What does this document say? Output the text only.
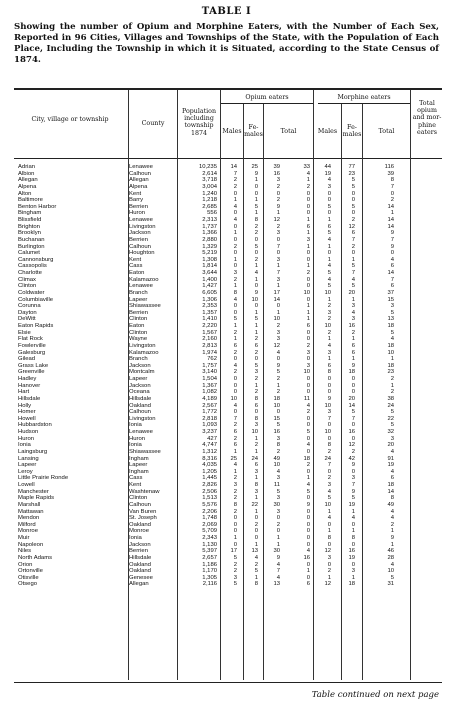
TABLE I
Showing the number of Opium and Morphine Eaters, with the Number of Each Sex, Reported in 96 Cities, Villages and Townships of the State, with the Population of Each Place, Including the Township in which it is Situated, according to the State Census of 1874.
City, village or township
County
Population including township 1874
Opium eaters	Morphine eaters
Males
Fe-males	Total	Males
Fe-males	Total
Total opium and mor-phine eaters
Adrian	Lenawee	10,235	14	25	39	33	44	77	116
Albion	Calhoun	2,614	7	9	16	4	19	23	39
Allegan	Allegan	3,718	2	1	3	1	4	5	8
Alpena	Alpena	3,004	2	0	2	2	3	5	7
Alton	Kent	1,240	0	0	0	0	0	0	0
Baltimore	Barry	1,218	1	1	2	0	0	0	2
Benton Harbor	Berrien	2,685	4	5	9	0	5	5	14
Bingham	Huron	556	0	1	1	0	0	0	1
Blissfield	Lenawee	2,313	4	8	12	1	1	2	14
Brighton	Livingston	1,737	0	2	2	6	6	12	14
Brooklyn	Jackson	1,366	1	2	3	1	5	6	9
Buchanan	Berrien	2,880	0	0	0	3	4	7	7
Burlington	Calhoun	1,329	2	5	7	1	1	2	9
Calumet	Houghton	5,219	0	0	0	0	0	0	0
Cannonsburg	Kent	1,308	1	2	3	0	1	1	4
Cassopolis	Cass	1,814	0	1	1	1	4	5	6
Charlotte	Eaton	3,644	3	4	7	2	5	7	14
Climax	Kalamazoo	1,400	2	1	3	0	4	4	7
Clinton	Lenawee	1,427	1	0	1	0	5	5	6
Coldwater	Branch	6,605	8	9	17	10	10	20	37
Columbiaville	Lapeer	1,306	4	10	14	0	1	1	15
Corunna	Shiawassee	2,353	0	0	0	1	2	3	3
Dayton	Berrien	1,357	0	1	1	1	3	4	5
DeWitt	Clinton	1,410	5	5	10	1	2	3	13
Eaton Rapids	Eaton	2,220	1	1	2	6	10	16	18
Elsie	Clinton	1,567	2	1	3	0	2	2	5
Flat Rock	Wayne	2,160	1	2	3	0	1	1	4
Fowlerville	Livingston	2,813	6	6	12	2	4	6	18
Galesburg	Kalamazoo	1,974	2	2	4	3	3	6	10
Gilead	Branch	762	0	0	0	0	1	1	1
Grass Lake	Jackson	1,757	4	5	9	3	6	9	18
Greenville	Montcalm	3,140	2	3	5	10	8	18	23
Hadley	Lapeer	1,504	0	2	2	0	0	0	2
Hanover	Jackson	1,367	0	1	1	0	0	0	1
Hart	Oceana	1,082	0	2	2	0	0	0	2
Hillsdale	Hillsdale	4,189	10	8	18	11	9	20	38
Holly	Oakland	2,567	4	6	10	4	10	14	24
Homer	Calhoun	1,772	0	0	0	2	3	5	5
Howell	Livingston	2,818	7	8	15	0	7	7	22
Hubbardston	Ionia	1,093	2	3	5	0	0	0	5
Hudson	Lenawee	3,237	6	10	16	5	10	16	32
Huron	Huron	427	2	1	3	0	0	0	3
Ionia	Ionia	4,747	6	2	8	4	8	12	20
Laingsburg	Shiawassee	1,312	1	1	2	0	2	2	4
Lansing	Ingham	8,316	25	24	49	18	24	42	91
Lapeer	Lapeer	4,035	4	6	10	2	7	9	19
Leroy	Ingham	1,205	1	3	4	0	0	0	4
Little Prairie Ronde	Cass	1,445	2	1	3	1	2	3	6
Lowell	Kent	2,826	3	8	11	4	3	7	18
Manchester	Washtenaw	2,506	2	3	5	5	4	9	14
Maple Rapids	Clinton	1,513	2	1	3	0	5	5	8
Marshall	Calhoun	5,576	8	22	30	9	10	19	49
Mattawan	Van Buren	2,206	2	1	3	0	1	1	4
Mendon	St. Joseph	1,748	0	0	0	0	4	4	4
Milford	Oakland	2,069	0	2	2	0	0	0	2
Monroe	Monroe	5,709	0	0	0	0	1	1	1
Muir	Ionia	2,343	1	0	1	0	8	8	9
Napoleon	Jackson	1,130	0	1	1	0	0	0	1
Niles	Berrien	5,397	17	13	30	4	12	16	46
North Adams	Hillsdale	2,657	5	4	9	16	3	19	28
Orion	Oakland	1,186	2	2	4	0	0	0	4
Ortonville	Oakland	1,170	2	5	7	1	2	3	10
Otisville	Genesee	1,305	3	1	4	0	1	1	5
Otsego	Allegan	2,116	5	8	13	6	12	18	31
Table continued on next page
